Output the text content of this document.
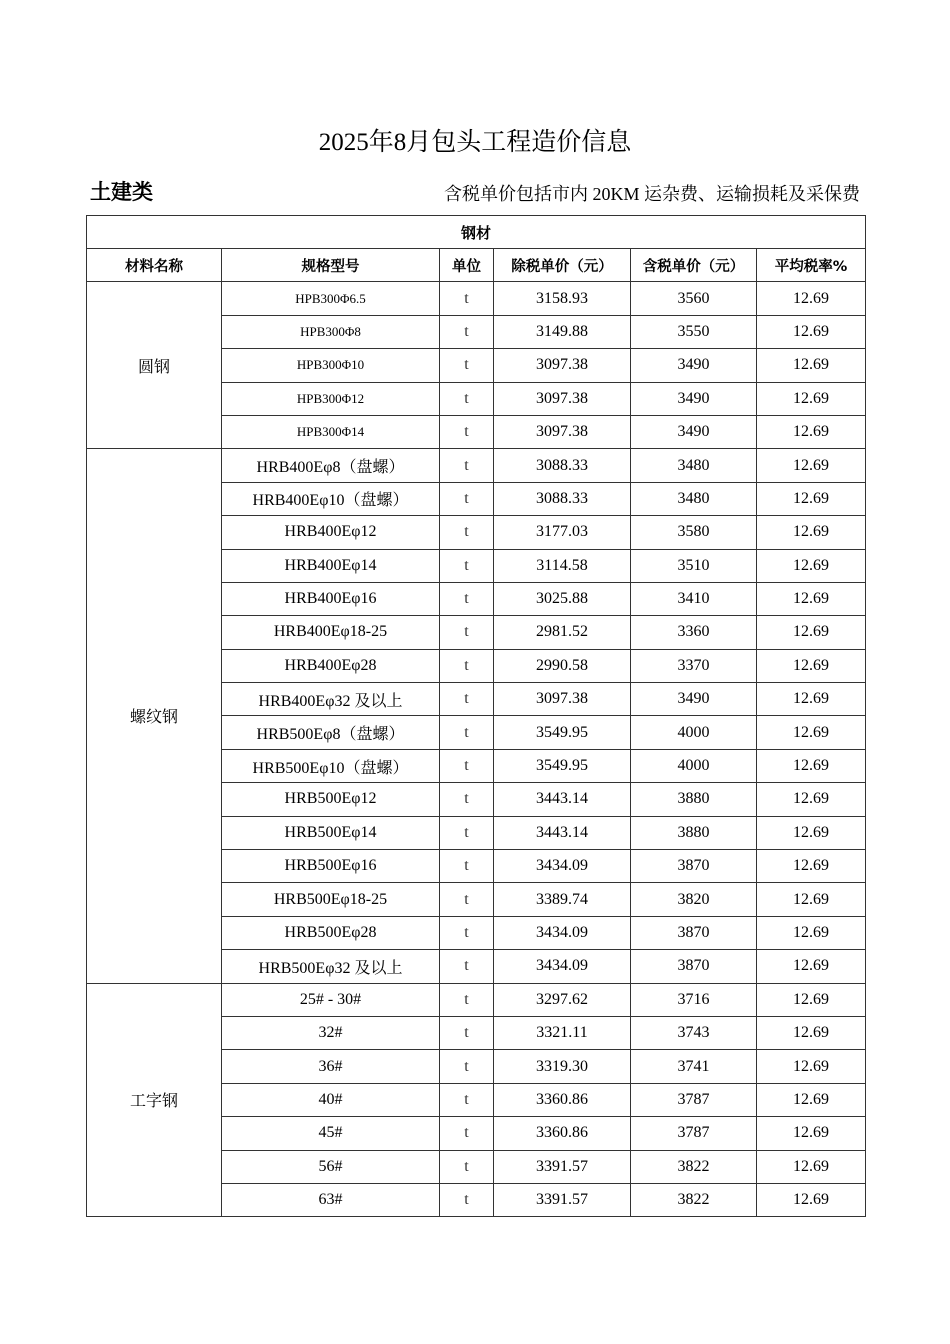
2025年8月包头工程造价信息
土建类	含税单价包括市内 20KM 运杂费、运输损耗及采保费
钢材					
材料名称	规格型号	单位	除税单价（元）	含税单价（元）	平均税率%
圆钢	HPB300Φ6.5	t	3158.93	3560	12.69
	HPB300Φ8	t	3149.88	3550	12.69
	HPB300Φ10	t	3097.38	3490	12.69
	HPB300Φ12	t	3097.38	3490	12.69
	HPB300Φ14	t	3097.38	3490	12.69
螺纹钢	HRB400Eφ8（盘螺）	t	3088.33	3480	12.69
	HRB400Eφ10（盘螺）	t	3088.33	3480	12.69
	HRB400Eφ12	t	3177.03	3580	12.69
	HRB400Eφ14	t	3114.58	3510	12.69
	HRB400Eφ16	t	3025.88	3410	12.69
	HRB400Eφ18-25	t	2981.52	3360	12.69
	HRB400Eφ28	t	2990.58	3370	12.69
	HRB400Eφ32 及以上	t	3097.38	3490	12.69
	HRB500Eφ8（盘螺）	t	3549.95	4000	12.69
	HRB500Eφ10（盘螺）	t	3549.95	4000	12.69
	HRB500Eφ12	t	3443.14	3880	12.69
	HRB500Eφ14	t	3443.14	3880	12.69
	HRB500Eφ16	t	3434.09	3870	12.69
	HRB500Eφ18-25	t	3389.74	3820	12.69
	HRB500Eφ28	t	3434.09	3870	12.69
	HRB500Eφ32 及以上	t	3434.09	3870	12.69
工字钢	25# - 30#	t	3297.62	3716	12.69
	32#	t	3321.11	3743	12.69
	36#	t	3319.30	3741	12.69
	40#	t	3360.86	3787	12.69
	45#	t	3360.86	3787	12.69
	56#	t	3391.57	3822	12.69
	63#	t	3391.57	3822	12.69
